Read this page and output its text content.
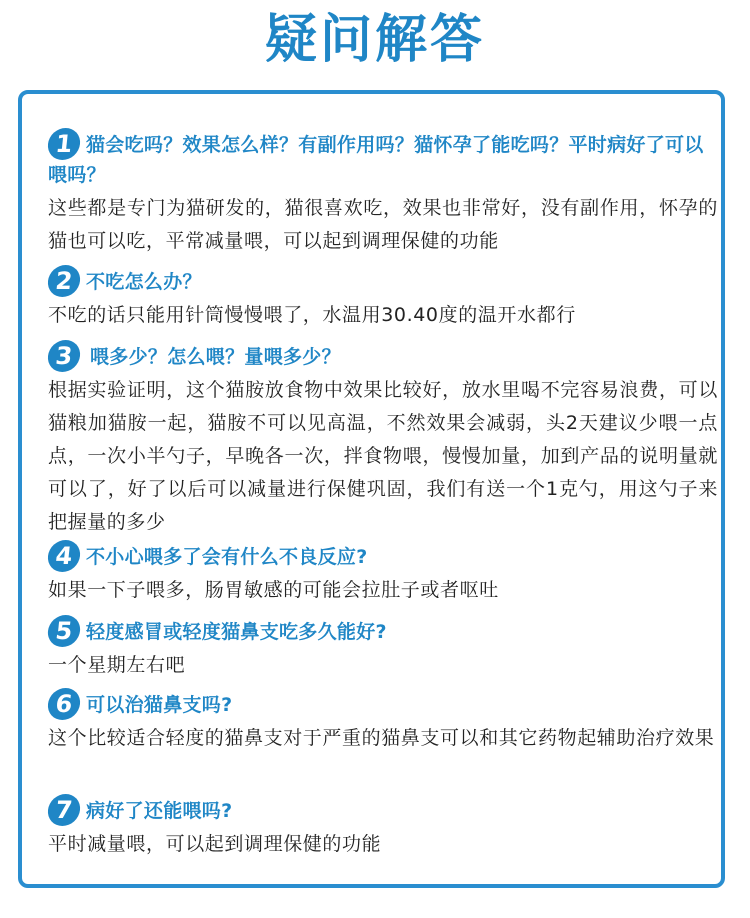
疑问解答
1 猫会吃吗？效果怎么样？有副作用吗？猫怀孕了能吃吗？平时病好了可以喂吗？
这些都是专门为猫研发的，猫很喜欢吃，效果也非常好，没有副作用，怀孕的猫也可以吃，平常减量喂，可以起到调理保健的功能
2 不吃怎么办？
不吃的话只能用针筒慢慢喂了，水温用30.40度的温开水都行
3 喂多少？怎么喂？量喂多少？
根据实验证明，这个猫胺放食物中效果比较好，放水里喝不完容易浪费，可以猫粮加猫胺一起，猫胺不可以见高温，不然效果会减弱，头2天建议少喂一点点，一次小半勺子，早晚各一次，拌食物喂，慢慢加量，加到产品的说明量就可以了，好了以后可以减量进行保健巩固，我们有送一个1克勺，用这勺子来把握量的多少
4 不小心喂多了会有什么不良反应?
如果一下子喂多，肠胃敏感的可能会拉肚子或者呕吐
5 轻度感冒或轻度猫鼻支吃多久能好?
一个星期左右吧
6 可以治猫鼻支吗?
这个比较适合轻度的猫鼻支对于严重的猫鼻支可以和其它药物起辅助治疗效果
7 病好了还能喂吗?
平时减量喂，可以起到调理保健的功能
